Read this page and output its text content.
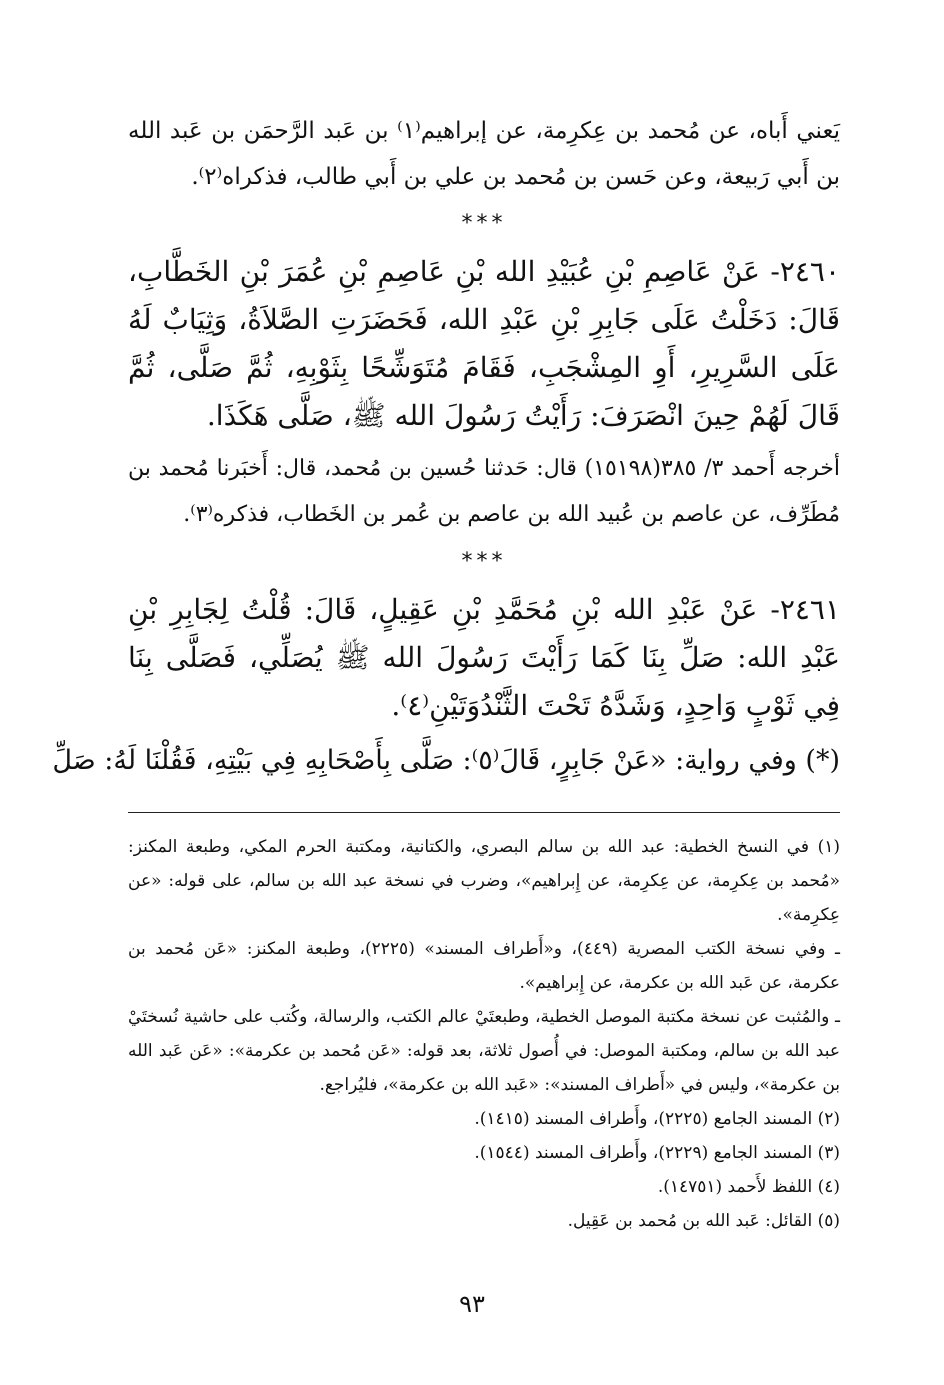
يَعني أَباه، عن مُحمد بن عِكرِمة، عن إبراهيم⁽١⁾ بن عَبد الرَّحمَن بن عَبد الله بن أَبي رَبيعة، وعن حَسن بن مُحمد بن علي بن أَبي طالب، فذكراه⁽٢⁾.

***

٢٤٦٠- عَنْ عَاصِمِ بْنِ عُبَيْدِ الله بْنِ عَاصِمِ بْنِ عُمَرَ بْنِ الخَطَّابِ، قَالَ: دَخَلْتُ عَلَى جَابِرِ بْنِ عَبْدِ الله، فَحَضَرَتِ الصَّلاَةُ، وَثِيَابٌ لَهُ عَلَى السَّرِيرِ، أَوِ المِشْجَبِ، فَقَامَ مُتَوَشِّحًا بِثَوْبِهِ، ثُمَّ صَلَّى، ثُمَّ قَالَ لَهُمْ حِينَ انْصَرَفَ: رَأَيْتُ رَسُولَ الله ﷺ، صَلَّى هَكَذَا.

أخرجه أَحمد ٣/ ٣٨٥(١٥١٩٨) قال: حَدثنا حُسين بن مُحمد، قال: أَخبَرنا مُحمد بن مُطَرِّف، عن عاصم بن عُبيد الله بن عاصم بن عُمر بن الخَطاب، فذكره⁽٣⁾.

***

٢٤٦١- عَنْ عَبْدِ الله بْنِ مُحَمَّدِ بْنِ عَقِيلٍ، قَالَ: قُلْتُ لِجَابِرِ بْنِ عَبْدِ الله: صَلِّ بِنَا كَمَا رَأَيْتَ رَسُولَ الله ﷺ يُصَلِّي، فَصَلَّى بِنَا فِي ثَوْبٍ وَاحِدٍ، وَشَدَّهُ تَحْتَ الثَّنْدُوَتَيْنِ⁽٤⁾.

(*) وفي رواية: «عَنْ جَابِرٍ، قَالَ⁽٥⁾: صَلَّى بِأَصْحَابِهِ فِي بَيْتِهِ، فَقُلْنَا لَهُ: صَلِّ

(١) في النسخ الخطية: عبد الله بن سالم البصري، والكتانية، ومكتبة الحرم المكي، وطبعة المكنز: «مُحمد بن عِكرِمة، عن عِكرِمة، عن إِبراهيم»، وضرب في نسخة عبد الله بن سالم، على قوله: «عن عِكرِمة».

ـ وفي نسخة الكتب المصرية (٤٤٩)، و«أَطراف المسند» (٢٢٢٥)، وطبعة المكنز: «عَن مُحمد بن عكرمة، عن عَبد الله بن عكرمة، عن إِبراهيم».

ـ والمُثبت عن نسخة مكتبة الموصل الخطية، وطبعتَيْ عالم الكتب، والرسالة، وكُتب على حاشية نُسختَيْ عبد الله بن سالم، ومكتبة الموصل: في أُصول ثلاثة، بعد قوله: «عَن مُحمد بن عكرمة»: «عَن عَبد الله بن عكرمة»، وليس في «أَطراف المسند»: «عَبد الله بن عكرمة»، فليُراجع.

(٢) المسند الجامع (٢٢٢٥)، وأَطراف المسند (١٤١٥).

(٣) المسند الجامع (٢٢٢٩)، وأَطراف المسند (١٥٤٤).

(٤) اللفظ لأَحمد (١٤٧٥١).

(٥) القائل: عَبد الله بن مُحمد بن عَقِيل.

٩٣
